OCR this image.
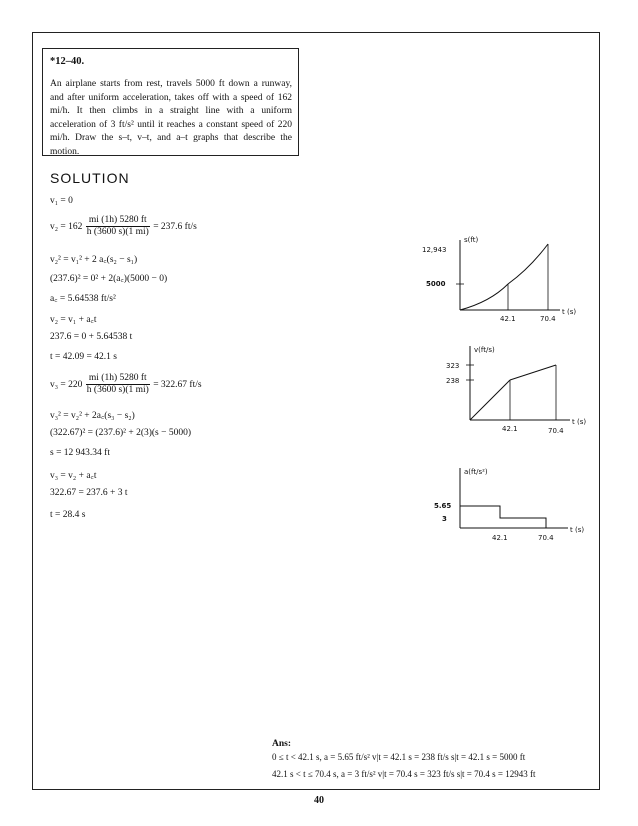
*12–40.
An airplane starts from rest, travels 5000 ft down a runway, and after uniform acceleration, takes off with a speed of 162 mi/h. It then climbs in a straight line with a uniform acceleration of 3 ft/s² until it reaches a constant speed of 220 mi/h. Draw the s–t, v–t, and a–t graphs that describe the motion.
SOLUTION
v₁ = 0
$v_2 = 162 \frac{mi (1h) 5280 ft}{h (3600 s)(1 mi)} = 237.6$ ft/s
v₂² = v₁² + 2 a꜀(s₂ − s₁)
(237.6)² = 0² + 2(a꜀)(5000 − 0)
a꜀ = 5.64538 ft/s²
v₂ = v₁ + a꜀t
237.6 = 0 + 5.64538 t
t = 42.09 = 42.1 s
$v_3 = 220 \frac{mi (1h) 5280 ft}{h (3600 s)(1 mi)} = 322.67$ ft/s
v₃² = v₂² + 2a꜀(s₃ − s₂)
(322.67)² = (237.6)² + 2(3)(s − 5000)
s = 12 943.34 ft
v₃ = v₂ + a꜀t
322.67 = 237.6 + 3 t
t = 28.4 s
s(ft)
12,943
5000
42.1	70.4
t (s)
v(ft/s)
323
238
42.1	70.4
t (s)
a(ft/s²)
5.65
3
42.1	70.4
t (s)
Ans:
0 ≤ t < 42.1 s, a = 5.65 ft/s² v|t = 42.1 s = 238 ft/s s|t = 42.1 s = 5000 ft
42.1 s < t ≤ 70.4 s, a = 3 ft/s² v|t = 70.4 s = 323 ft/s s|t = 70.4 s = 12943 ft
40
